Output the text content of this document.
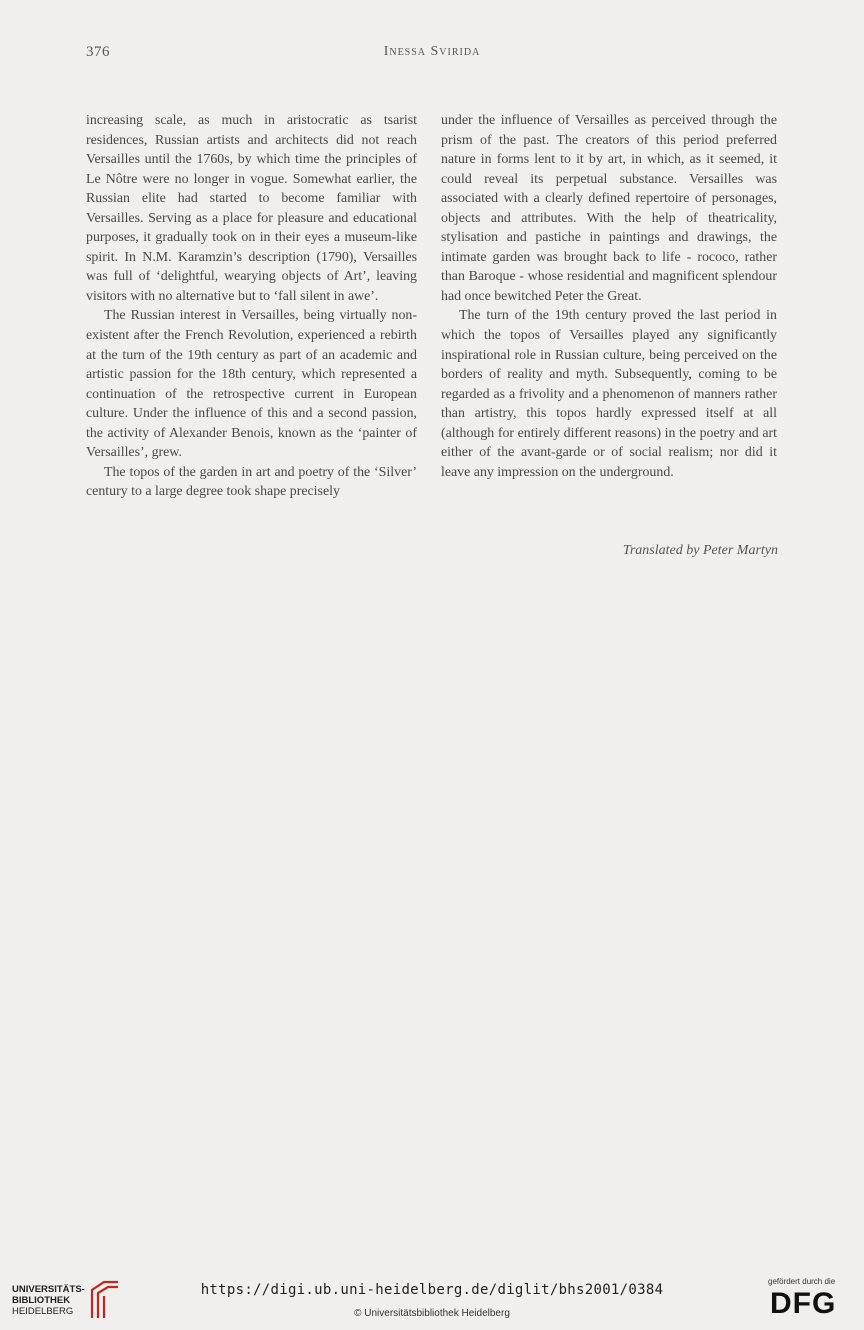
376	Inessa Svirida

increasing scale, as much in aristocratic as tsarist residences, Russian artists and architects did not reach Versailles until the 1760s, by which time the principles of Le Nôtre were no longer in vogue. Somewhat earlier, the Russian elite had started to become familiar with Versailles. Serving as a place for pleasure and educational purposes, it gradually took on in their eyes a museum-like spirit. In N.M. Karamzin’s description (1790), Versailles was full of ‘delightful, wearying objects of Art’, leaving visitors with no alternative but to ‘fall silent in awe’.

The Russian interest in Versailles, being virtually non-existent after the French Revolution, experienced a rebirth at the turn of the 19th century as part of an academic and artistic passion for the 18th century, which represented a continuation of the retrospective current in European culture. Under the influence of this and a second passion, the activity of Alexander Benois, known as the ‘painter of Versailles’, grew.

The topos of the garden in art and poetry of the ‘Silver’ century to a large degree took shape precisely

under the influence of Versailles as perceived through the prism of the past. The creators of this period preferred nature in forms lent to it by art, in which, as it seemed, it could reveal its perpetual substance. Versailles was associated with a clearly defined repertoire of personages, objects and attributes. With the help of theatricality, stylisation and pastiche in paintings and drawings, the intimate garden was brought back to life - rococo, rather than Baroque - whose residential and magnificent splendour had once bewitched Peter the Great.

The turn of the 19th century proved the last period in which the topos of Versailles played any significantly inspirational role in Russian culture, being perceived on the borders of reality and myth. Subsequently, coming to be regarded as a frivolity and a phenomenon of manners rather than artistry, this topos hardly expressed itself at all (although for entirely different reasons) in the poetry and art either of the avant-garde or of social realism; nor did it leave any impression on the underground.

Translated by Peter Martyn
UNIVERSITÄTS-
BIBLIOTHEK
HEIDELBERG
https://digi.ub.uni-heidelberg.de/diglit/bhs2001/0384
© Universitätsbibliothek Heidelberg
gefördert durch die
DFG
